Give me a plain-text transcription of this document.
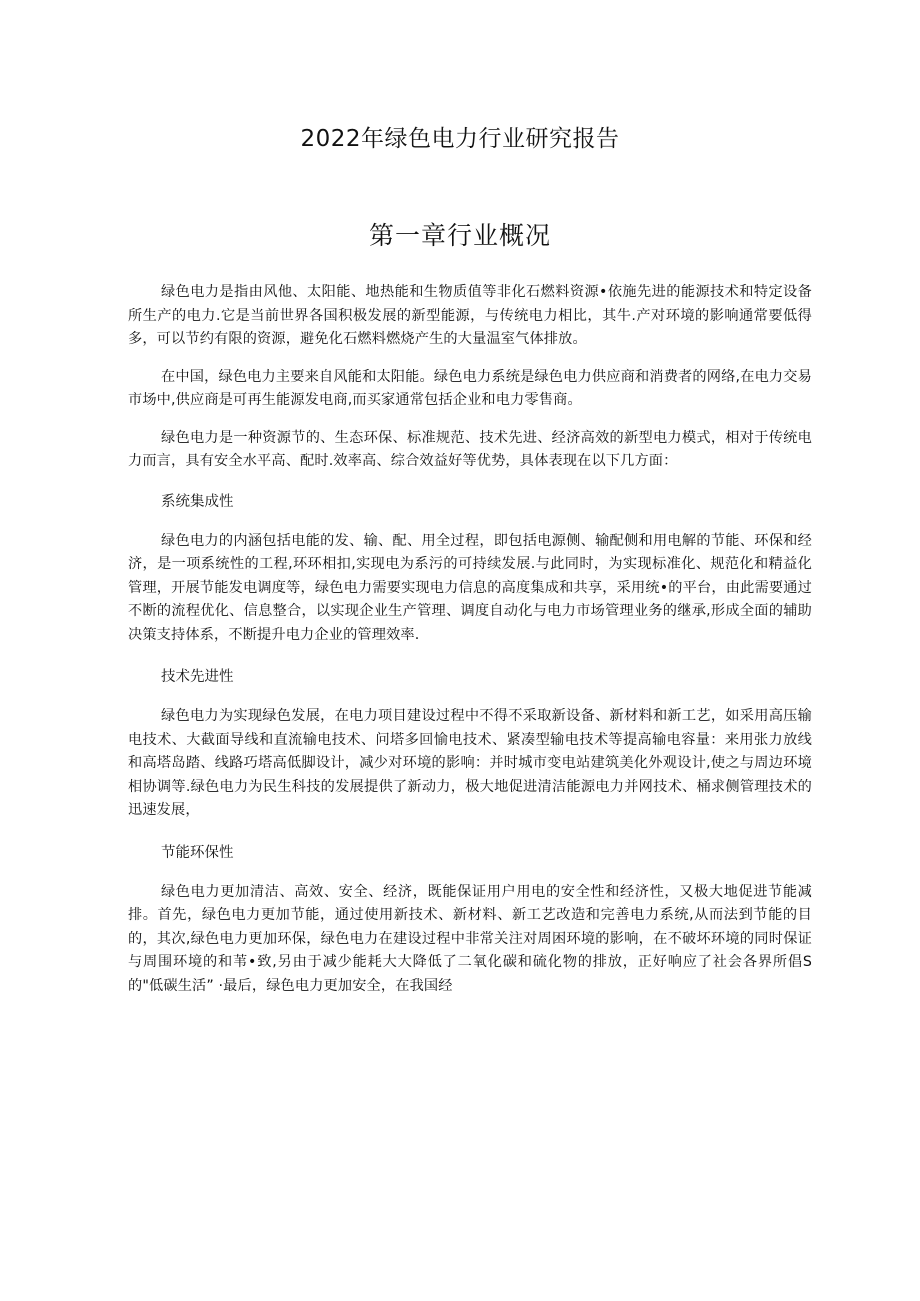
2022年绿色电力行业研究报告
第一章行业概况

绿色电力是指由风他、太阳能、地热能和生物质值等非化石燃料资源•依施先进的能源技术和特定设备所生产的电力.它是当前世界各国积极发展的新型能源，与传统电力相比，其牛.产对环境的影响通常要低得多，可以节约有限的资源，避免化石燃料燃烧产生的大量温室气体排放。

在中国，绿色电力主要来自风能和太阳能。绿色电力系统是绿色电力供应商和消费者的网络,在电力交易市场中,供应商是可再生能源发电商,而买家通常包括企业和电力零售商。

绿色电力是一种资源节的、生态环保、标准规范、技术先进、经济高效的新型电力模式，相对于传统电力而言，具有安全水平高、配时.效率高、综合效益好等优势，具体表现在以下几方面：

系统集成性

绿色电力的内涵包括电能的发、输、配、用全过程，即包括电源侧、输配侧和用电解的节能、环保和经济，是一项系统性的工程,环环相扣,实现电为系污的可持续发展.与此同时，为实现标准化、规范化和精益化管理，开展节能发电调度等，绿色电力需要实现电力信息的高度集成和共享，采用统•的平台，由此需要通过不断的流程优化、信息整合，以实现企业生产管理、调度自动化与电力市场管理业务的继承,形成全面的辅助决策支持体系，不断提升电力企业的管理效率.

技术先进性

绿色电力为实现绿色发展，在电力项目建设过程中不得不采取新设备、新材料和新工艺，如采用高压输电技术、大截面导线和直流输电技术、问塔多回愉电技术、紧凑型输电技术等提高输电容量：来用张力放线和高塔岛踏、线路巧塔高低脚设计，减少对环境的影响：并时城市变电站建筑美化外观设计,使之与周边环境相协调等.绿色电力为民生科技的发展提供了新动力，极大地促进清洁能源电力并网技术、桶求侧管理技术的迅速发展，

节能环保性

绿色电力更加清洁、高效、安全、经济，既能保证用户用电的安全性和经济性，又极大地促进节能减排。首先，绿色电力更加节能，通过使用新技术、新材料、新工艺改造和完善电力系统,从而法到节能的目的，其次,绿色电力更加环保，绿色电力在建设过程中非常关注对周困环境的影响，在不破坏环境的同时保证与周围环境的和苇•致,另由于减少能耗大大降低了二氧化碳和硫化物的排放，正好响应了社会各界所倡S的"低碳生活” ·最后，绿色电力更加安全，在我国经
